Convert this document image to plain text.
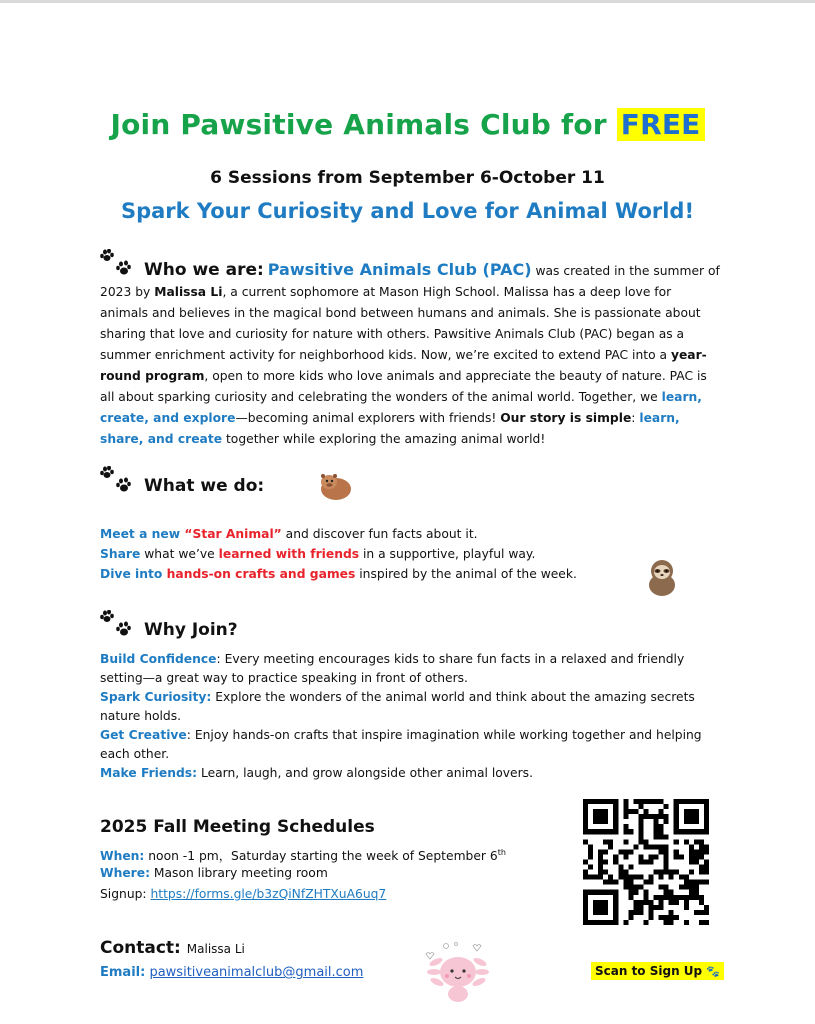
Join Pawsitive Animals Club for FREE
6 Sessions from September 6-October 11
Spark Your Curiosity and Love for Animal World!
Who we are: Pawsitive Animals Club (PAC) was created in the summer of 2023 by Malissa Li, a current sophomore at Mason High School. Malissa has a deep love for animals and believes in the magical bond between humans and animals. She is passionate about sharing that love and curiosity for nature with others. Pawsitive Animals Club (PAC) began as a summer enrichment activity for neighborhood kids. Now, we’re excited to extend PAC into a year-round program, open to more kids who love animals and appreciate the beauty of nature. PAC is all about sparking curiosity and celebrating the wonders of the animal world. Together, we learn, create, and explore—becoming animal explorers with friends! Our story is simple: learn, share, and create together while exploring the amazing animal world!
What we do:
Meet a new “Star Animal” and discover fun facts about it.
Share what we’ve learned with friends in a supportive, playful way.
Dive into hands-on crafts and games inspired by the animal of the week.
Why Join?
Build Confidence: Every meeting encourages kids to share fun facts in a relaxed and friendly setting—a great way to practice speaking in front of others.
Spark Curiosity: Explore the wonders of the animal world and think about the amazing secrets nature holds.
Get Creative: Enjoy hands-on crafts that inspire imagination while working together and helping each other.
Make Friends: Learn, laugh, and grow alongside other animal lovers.
2025 Fall Meeting Schedules
When: noon -1 pm，Saturday starting the week of September 6th
Where: Mason library meeting room
Signup: https://forms.gle/b3zQiNfZHTXuA6uq7
Contact: Malissa Li
Email: pawsitiveanimalclub@gmail.com	Scan to Sign Up 🐾
